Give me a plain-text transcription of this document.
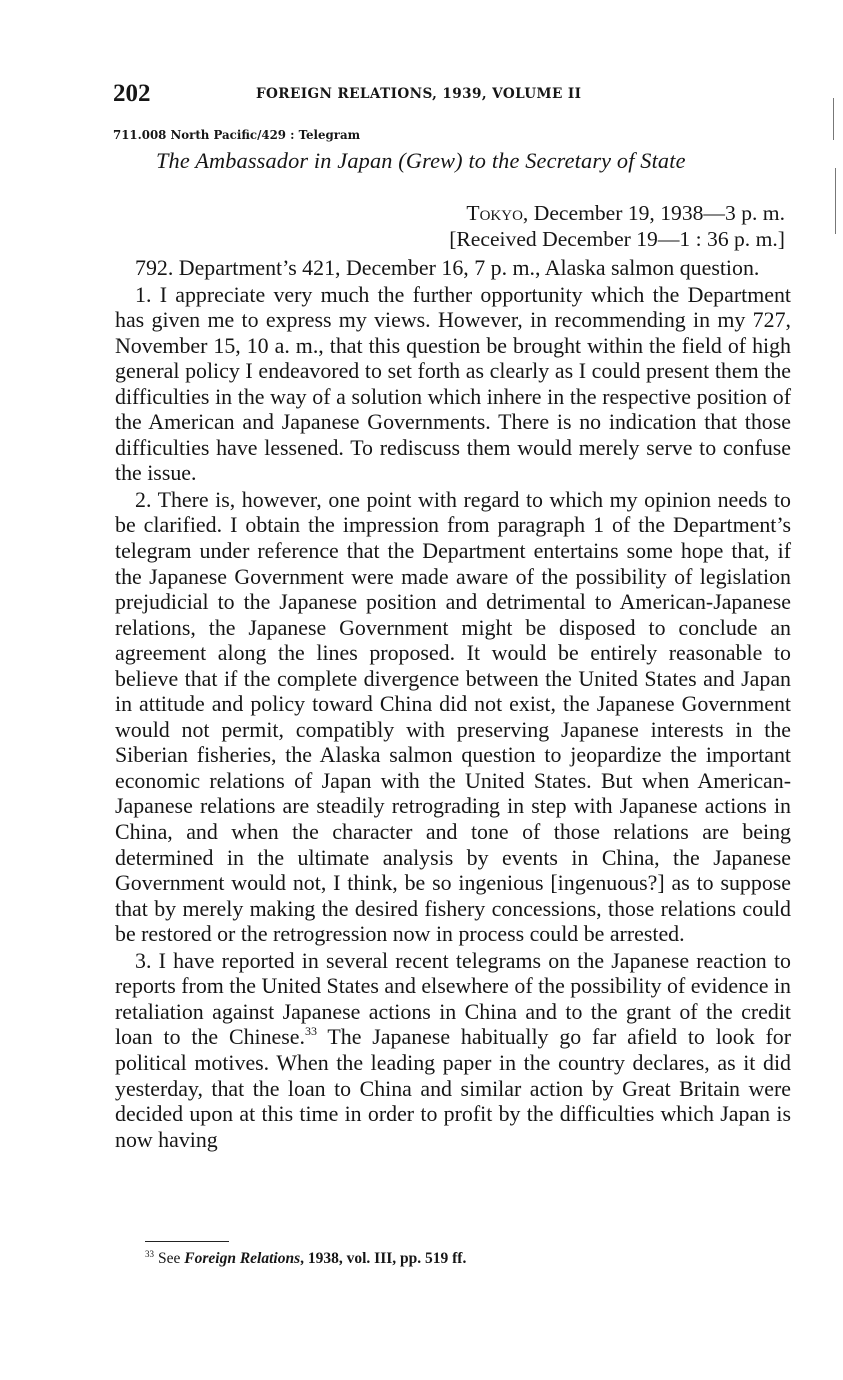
202	FOREIGN RELATIONS, 1939, VOLUME II
711.008 North Pacific/429 : Telegram
The Ambassador in Japan (Grew) to the Secretary of State
Tokyo, December 19, 1938—3 p. m.
[Received December 19—1 : 36 p. m.]

792. Department’s 421, December 16, 7 p. m., Alaska salmon question.

1. I appreciate very much the further opportunity which the Department has given me to express my views. However, in recommending in my 727, November 15, 10 a. m., that this question be brought within the field of high general policy I endeavored to set forth as clearly as I could present them the difficulties in the way of a solution which inhere in the respective position of the American and Japanese Governments. There is no indication that those difficulties have lessened. To rediscuss them would merely serve to confuse the issue.

2. There is, however, one point with regard to which my opinion needs to be clarified. I obtain the impression from paragraph 1 of the Department’s telegram under reference that the Department entertains some hope that, if the Japanese Government were made aware of the possibility of legislation prejudicial to the Japanese position and detrimental to American-Japanese relations, the Japanese Government might be disposed to conclude an agreement along the lines proposed. It would be entirely reasonable to believe that if the complete divergence between the United States and Japan in attitude and policy toward China did not exist, the Japanese Government would not permit, compatibly with preserving Japanese interests in the Siberian fisheries, the Alaska salmon question to jeopardize the important economic relations of Japan with the United States. But when American-Japanese relations are steadily retrograding in step with Japanese actions in China, and when the character and tone of those relations are being determined in the ultimate analysis by events in China, the Japanese Government would not, I think, be so ingenious [ingenuous?] as to suppose that by merely making the desired fishery concessions, those relations could be restored or the retrogression now in process could be arrested.

3. I have reported in several recent telegrams on the Japanese reaction to reports from the United States and elsewhere of the possibility of evidence in retaliation against Japanese actions in China and to the grant of the credit loan to the Chinese.$^{33}$ The Japanese habitually go far afield to look for political motives. When the leading paper in the country declares, as it did yesterday, that the loan to China and similar action by Great Britain were decided upon at this time in order to profit by the difficulties which Japan is now having

$^{33}$ See Foreign Relations, 1938, vol. III, pp. 519 ff.
